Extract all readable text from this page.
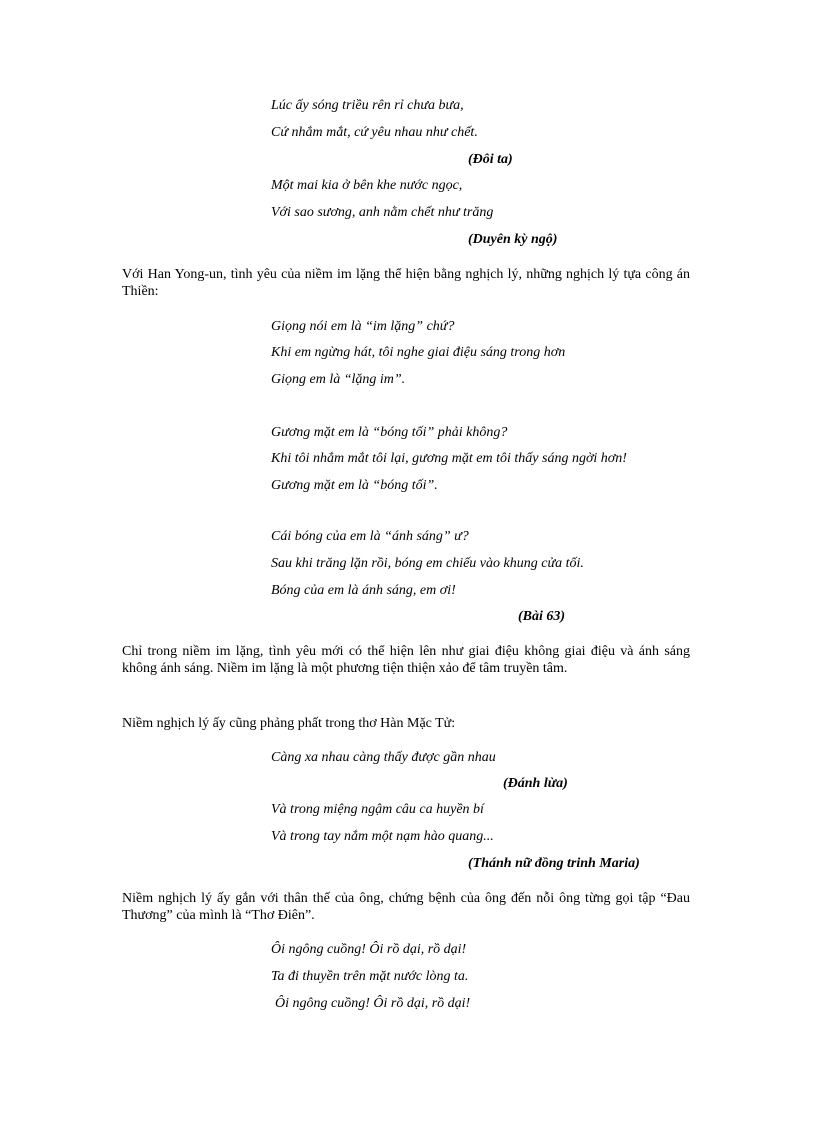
Lúc ấy sóng triều rên rỉ chưa bưa,
Cứ nhắm mắt, cứ yêu nhau như chết.
(Đôi ta)
Một mai kia ở bên khe nước ngọc,
Với sao sương, anh nằm chết như trăng
(Duyên kỳ ngộ)
Với Han Yong-un, tình yêu của niềm im lặng thể hiện bằng nghịch lý, những nghịch lý tựa công án Thiền:
Giọng nói em là “im lặng” chứ?
Khi em ngừng hát, tôi nghe giai điệu sáng trong hơn
Giọng em là “lặng im”.
Gương mặt em là “bóng tối” phải không?
Khi tôi nhắm mắt tôi lại, gương mặt em tôi thấy sáng ngời hơn!
Gương mặt em là “bóng tối”.
Cái bóng của em là “ánh sáng” ư?
Sau khi trăng lặn rồi, bóng em chiếu vào khung cửa tối.
Bóng của em là ánh sáng, em ơi!
(Bài 63)
Chỉ trong niềm im lặng, tình yêu mới có thể hiện lên như giai điệu không giai điệu và ánh sáng không ánh sáng. Niềm im lặng là một phương tiện thiện xảo để tâm truyền tâm.
Niềm nghịch lý ấy cũng phảng phất trong thơ Hàn Mặc Tử:
Càng xa nhau càng thấy được gần nhau
(Đánh lừa)
Và trong miệng ngậm câu ca huyền bí
Và trong tay nắm một nạm hào quang...
(Thánh nữ đồng trinh Maria)
Niềm nghịch lý ấy gắn với thân thế của ông, chứng bệnh của ông đến nỗi ông từng gọi tập “Đau Thương” của mình là “Thơ Điên”.
Ôi ngông cuồng! Ôi rồ dại, rồ dại!
Ta đi thuyền trên mặt nước lòng ta.
Ôi ngông cuồng! Ôi rồ dại, rồ dại!
